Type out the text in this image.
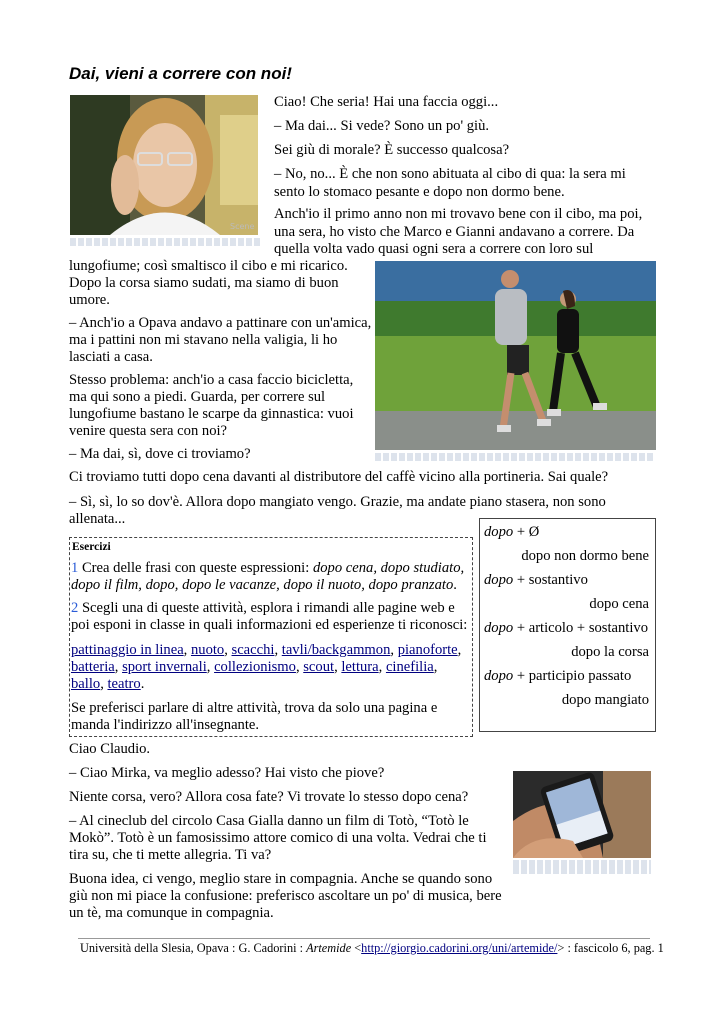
Dai, vieni a correre con noi!
Scene

Ciao! Che seria! Hai una faccia oggi...

– Ma dai... Si vede? Sono un po' giù.

Sei giù di morale? È successo qualcosa?

– No, no... È che non sono abituata al cibo di qua: la sera mi

sento lo stomaco pesante e dopo non dormo bene.

Anch'io il primo anno non mi trovavo bene con il cibo, ma poi,

una sera, ho visto che Marco e Gianni andavano a correre. Da

quella volta vado quasi ogni sera a correre con loro sul

lungofiume; così smaltisco il cibo e mi ricarico.

Dopo la corsa siamo sudati, ma siamo di buon

umore.

– Anch'io a Opava andavo a pattinare con un'amica,

ma i pattini non mi stavano nella valigia, li ho

lasciati a casa.

Stesso problema: anch'io a casa faccio bicicletta,

ma qui sono a piedi. Guarda, per correre sul

lungofiume bastano le scarpe da ginnastica: vuoi

venire questa sera con noi?

– Ma dai, sì, dove ci troviamo?

Ci troviamo tutti dopo cena davanti al distributore del caffè vicino alla portineria. Sai quale?

– Sì, sì, lo so dov'è. Allora dopo mangiato vengo. Grazie, ma andate piano stasera, non sono

allenata...

Esercizi

1 Crea delle frasi con queste espressioni: dopo cena, dopo studiato,

dopo il film, dopo, dopo le vacanze, dopo il nuoto, dopo pranzato.

2 Scegli una di queste attività, esplora i rimandi alle pagine web e

poi esponi in classe in quali informazioni ed esperienze ti riconosci:

pattinaggio in linea, nuoto, scacchi, tavli/backgammon, pianoforte,

batteria, sport invernali, collezionismo, scout, lettura, cinefilia,

ballo, teatro.

Se preferisci parlare di altre attività, trova da solo una pagina e

manda l'indirizzo all'insegnante.

dopo + Ø

dopo non dormo bene

dopo + sostantivo

dopo cena

dopo + articolo + sostantivo

dopo la corsa

dopo + participio passato

dopo mangiato

Ciao Claudio.

– Ciao Mirka, va meglio adesso? Hai visto che piove?

Niente corsa, vero? Allora cosa fate? Vi trovate lo stesso dopo cena?

– Al cineclub del circolo Casa Gialla danno un film di Totò, “Totò le

Mokò”. Totò è un famosissimo attore comico di una volta. Vedrai che ti

tira su, che ti mette allegria. Ti va?

Buona idea, ci vengo, meglio stare in compagnia. Anche se quando sono

giù non mi piace la confusione: preferisco ascoltare un po' di musica, bere

un tè, ma comunque in compagnia.

Università della Slesia, Opava : G. Cadorini : Artemide <http://giorgio.cadorini.org/uni/artemide/> : fascicolo 6, pag. 1
